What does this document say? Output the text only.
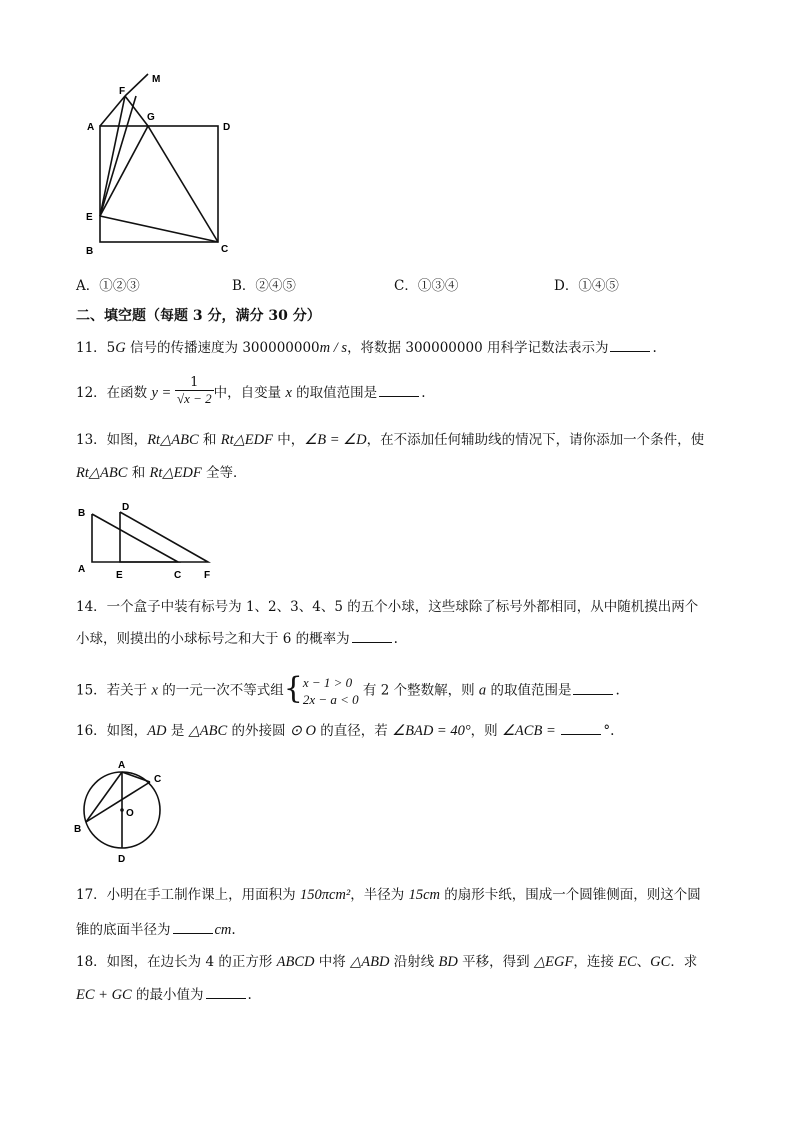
M
F
G
A	D
E
B	C
A．①②③	B．②④⑤	C．①③④	D．①④⑤
二、填空题（每题 3 分，满分 30 分）
11．5G 信号的传播速度为 300000000m / s，将数据 300000000 用科学记数法表示为	.
12．在函数 $y = \frac{1}{√x - 2}$ 中，自变量 x 的取值范围是	.
13．如图，Rt△ABC 和 Rt△EDF 中，∠B = ∠D，在不添加任何辅助线的情况下，请你添加一个条件，使
Rt△ABC 和 Rt△EDF 全等．
B
D
A
E	C F
14．一个盒子中装有标号为 1、2、3、4、5 的五个小球，这些球除了标号外都相同，从中随机摸出两个
小球，则摸出的小球标号之和大于 6 的概率为	.
15．若关于 x 的一元一次不等式组{ x − 1 > 0
2x − a < 0
有 2 个整数解，则 a 的取值范围是	.
16．如图，AD 是 △ABC 的外接圆 ⊙ O 的直径，若 ∠BAD = 40°，则 ∠ACB =	°.
A
C
O
B
D
17．小明在手工制作课上，用面积为 150πcm²，半径为 15cm 的扇形卡纸，围成一个圆锥侧面，则这个圆
锥的底面半径为	cm.
18．如图，在边长为 4 的正方形 ABCD 中将 △ABD 沿射线 BD 平移，得到 △EGF，连接 EC、GC．求
EC + GC 的最小值为	.
